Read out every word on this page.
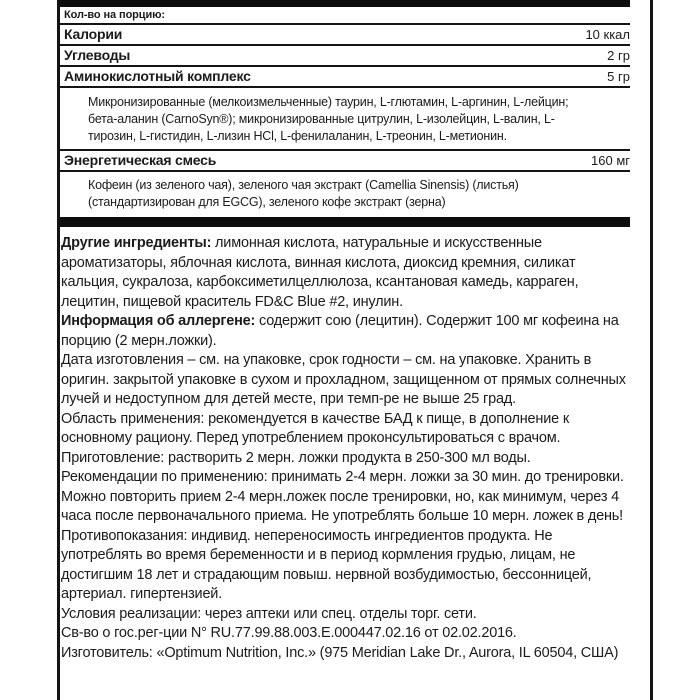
Кол-во на порцию:
Калории	10 ккал
Углеводы	2 гр
Аминокислотный комплекс	5 гр
Микронизированные (мелкоизмельченные) таурин, L-глютамин, L-аргинин, L-лейцин; бета-аланин (CarnoSyn®); микронизированные цитрулин, L-изолейцин, L-валин, L-тирозин, L-гистидин, L-лизин HCl, L-фенилаланин, L-треонин, L-метионин.
Энергетическая смесь	160 мг
Кофеин (из зеленого чая), зеленого чая экстракт (Camellia Sinensis) (листья) (стандартизирован для EGCG), зеленого кофе экстракт (зерна)

Другие ингредиенты: лимонная кислота, натуральные и искусственные ароматизаторы, яблочная кислота, винная кислота, диоксид кремния, силикат кальция, сукралоза, карбоксиметилцеллюлоза, ксантановая камедь, карраген, лецитин, пищевой краситель FD&C Blue #2, инулин.

Информация об аллергене: содержит сою (лецитин). Содержит 100 мг кофеина на порцию (2 мерн.ложки).

Дата изготовления – см. на упаковке, срок годности – см. на упаковке. Хранить в оригин. закрытой упаковке в сухом и прохладном, защищенном от прямых солнечных лучей и недоступном для детей месте, при темп-ре не выше 25 град.

Область применения: рекомендуется в качестве БАД к пище, в дополнение к основному рациону. Перед употреблением проконсультироваться с врачом. Приготовление: растворить 2 мерн. ложки продукта в 250-300 мл воды. Рекомендации по применению: принимать 2-4 мерн. ложки за 30 мин. до тренировки. Можно повторить прием 2-4 мерн.ложек после тренировки, но, как минимум, через 4 часа после первоначального приема. Не употреблять больше 10 мерн. ложек в день! Противопоказания: индивид. непереносимость ингредиентов продукта. Не употреблять во время беременности и в период кормления грудью, лицам, не достигшим 18 лет и страдающим повыш. нервной возбудимостью, бессонницей, артериал. гипертензией.

Условия реализации: через аптеки или спец. отделы торг. сети.

Св-во о гос.рег-ции N° RU.77.99.88.003.E.000447.02.16 от 02.02.2016.

Изготовитель: «Optimum Nutrition, Inc.» (975 Meridian Lake Dr., Aurora, IL 60504, США)
